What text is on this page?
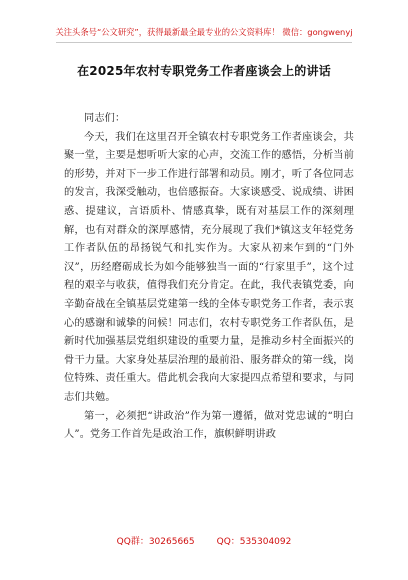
关注头条号“公文研究”，获得最新最全最专业的公文资料库！ 微信：gongwenyj
在2025年农村专职党务工作者座谈会上的讲话

同志们：

今天，我们在这里召开全镇农村专职党务工作者座谈会，共聚一堂，主要是想听听大家的心声，交流工作的感悟，分析当前的形势，并对下一步工作进行部署和动员。刚才，听了各位同志的发言，我深受触动，也倍感振奋。大家谈感受、说成绩、讲困惑、提建议，言语质朴、情感真挚，既有对基层工作的深刻理解，也有对群众的深厚感情，充分展现了我们*镇这支年轻党务工作者队伍的昂扬锐气和扎实作为。大家从初来乍到的“门外汉”，历经磨砺成长为如今能够独当一面的“行家里手”，这个过程的艰辛与收获，值得我们充分肯定。在此，我代表镇党委，向辛勤奋战在全镇基层党建第一线的全体专职党务工作者，表示衷心的感谢和诚挚的问候！同志们，农村专职党务工作者队伍，是新时代加强基层党组织建设的重要力量，是推动乡村全面振兴的骨干力量。大家身处基层治理的最前沿、服务群众的第一线，岗位特殊、责任重大。借此机会我向大家提四点希望和要求，与同志们共勉。

第一，必须把“讲政治”作为第一遵循，做对党忠诚的“明白人”。党务工作首先是政治工作，旗帜鲜明讲政

QQ群：30265665 QQ：535304092
